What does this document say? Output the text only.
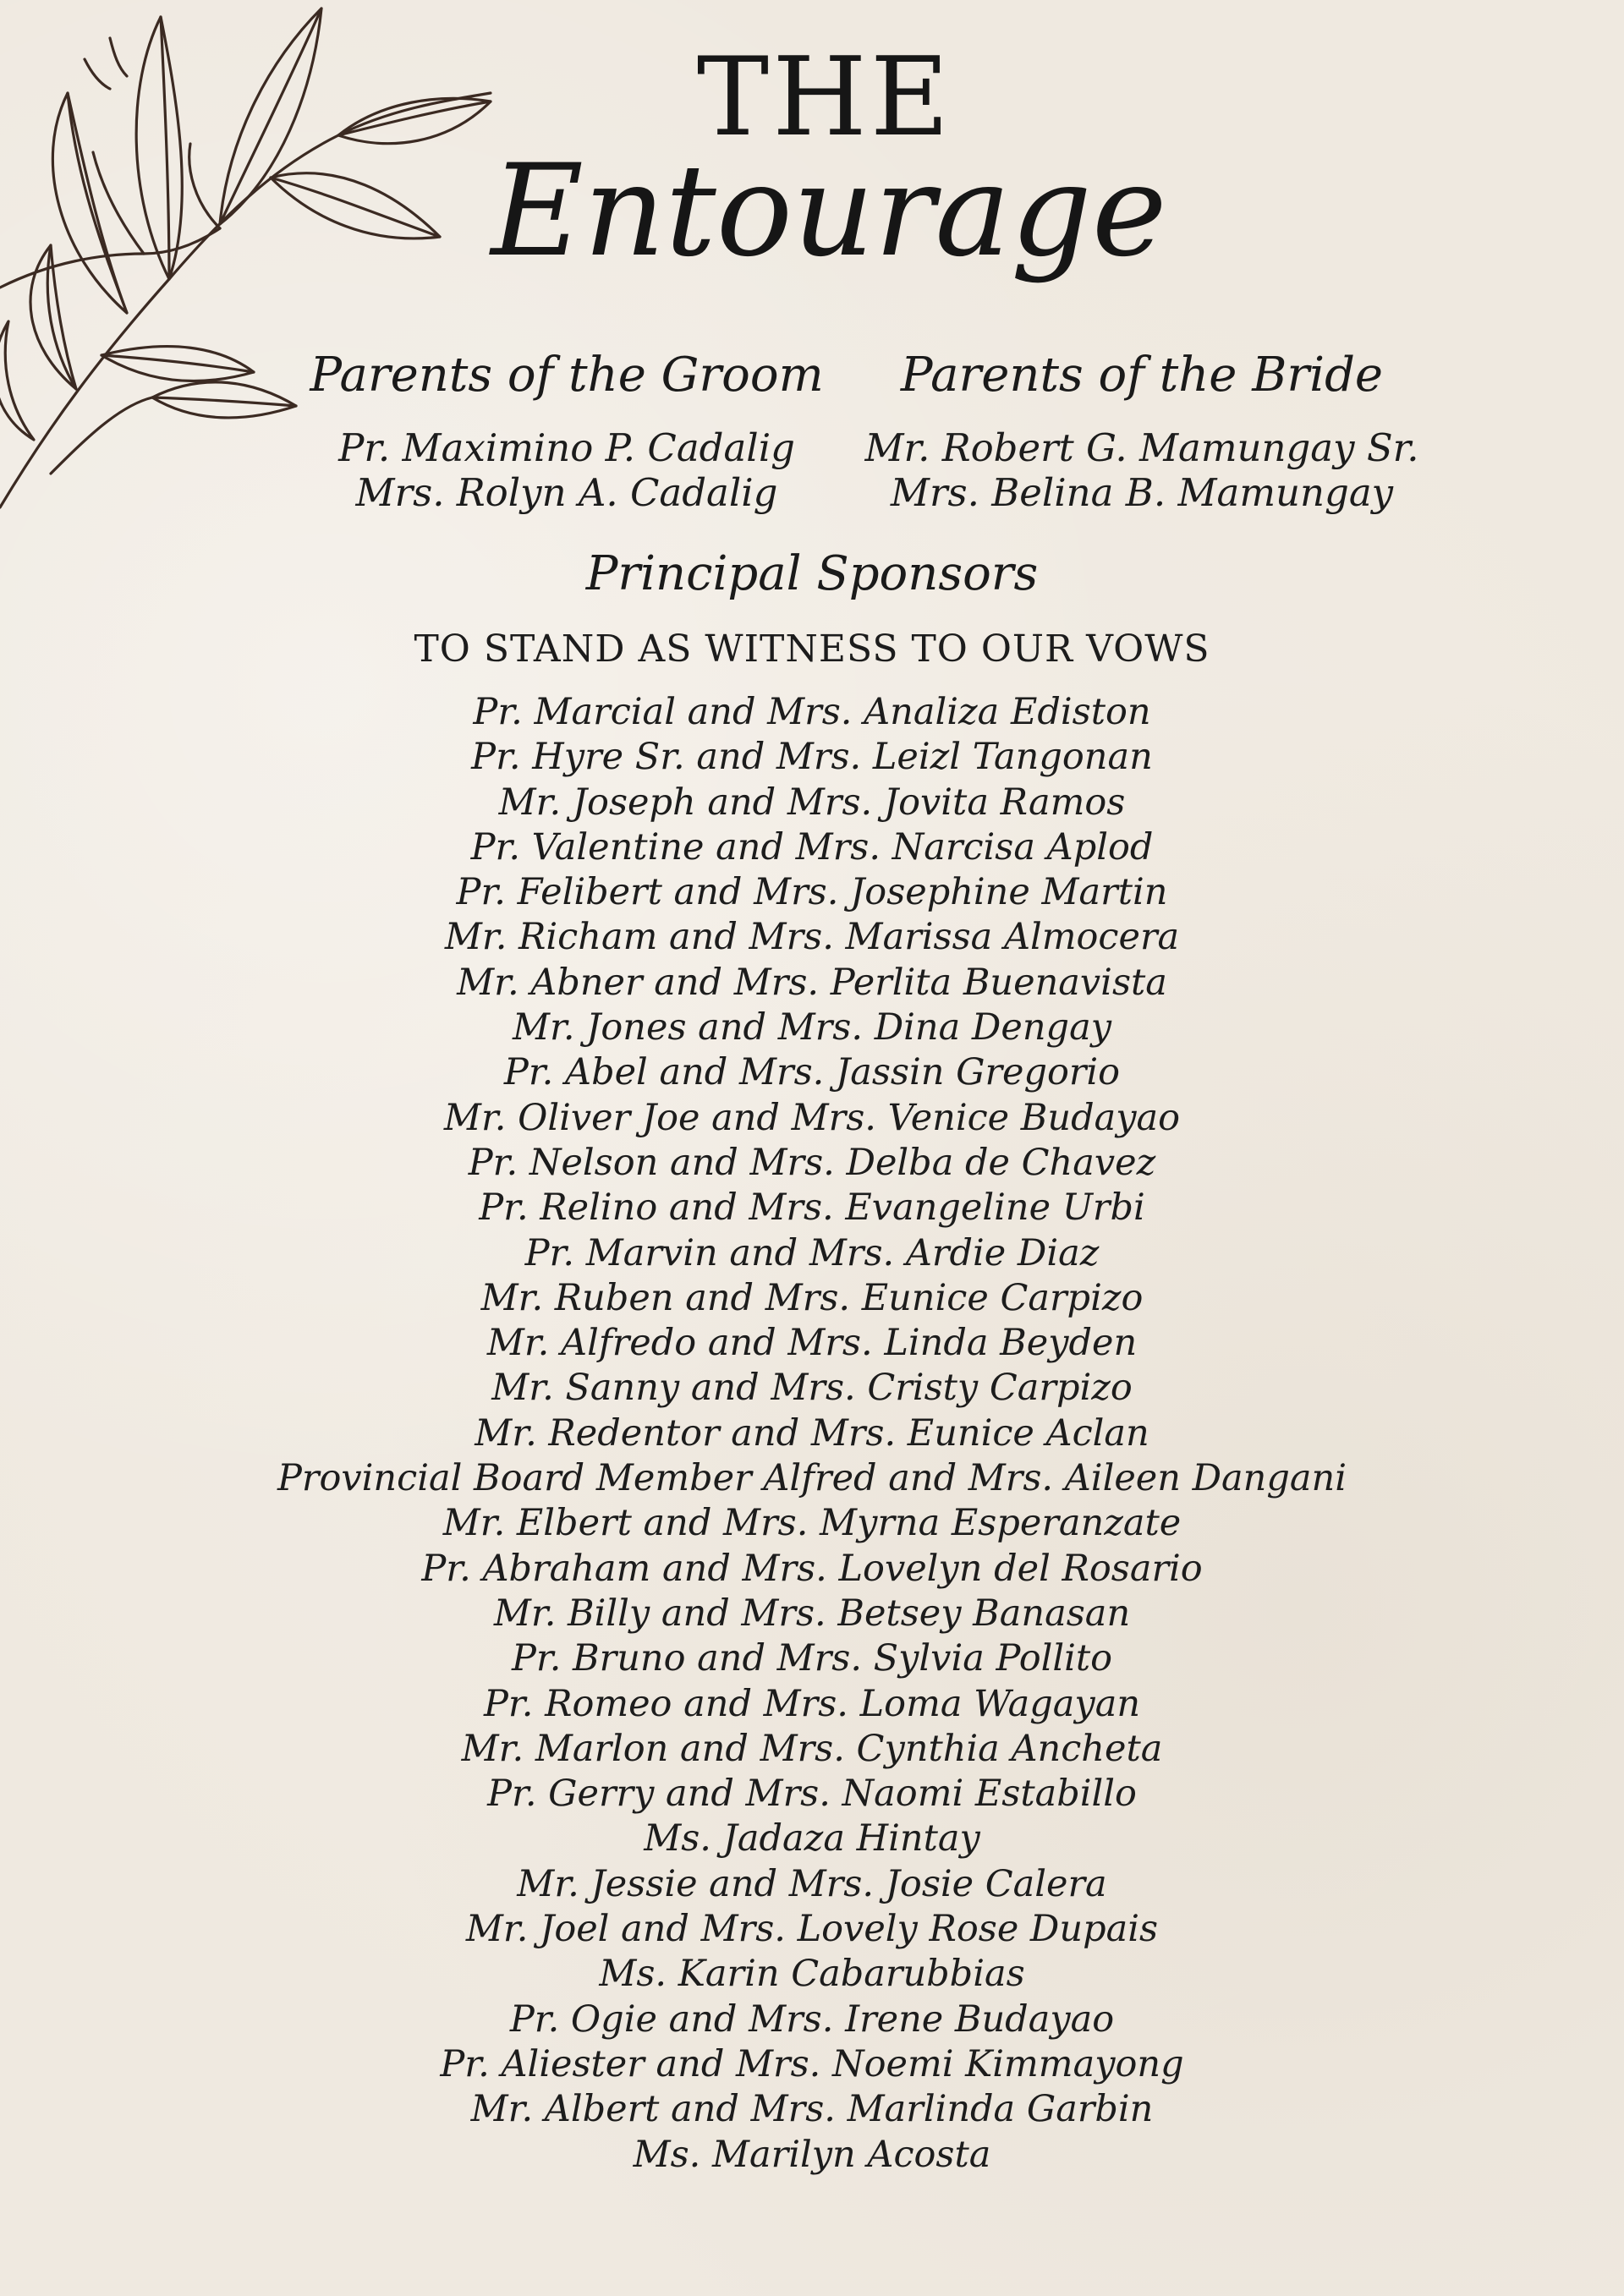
THE
Entourage
Parents of the Groom
Pr. Maximino P. Cadalig
Mrs. Rolyn A. Cadalig
Parents of the Bride
Mr. Robert G. Mamungay Sr.
Mrs. Belina B. Mamungay
Principal Sponsors
TO STAND AS WITNESS TO OUR VOWS
Pr. Marcial and Mrs. Analiza Ediston
Pr. Hyre Sr. and Mrs. Leizl Tangonan
Mr. Joseph and Mrs. Jovita Ramos
Pr. Valentine and Mrs. Narcisa Aplod
Pr. Felibert and Mrs. Josephine Martin
Mr. Richam and Mrs. Marissa Almocera
Mr. Abner and Mrs. Perlita Buenavista
Mr. Jones and Mrs. Dina Dengay
Pr. Abel and Mrs. Jassin Gregorio
Mr. Oliver Joe and Mrs. Venice Budayao
Pr. Nelson and Mrs. Delba de Chavez
Pr. Relino and Mrs. Evangeline Urbi
Pr. Marvin and Mrs. Ardie Diaz
Mr. Ruben and Mrs. Eunice Carpizo
Mr. Alfredo and Mrs. Linda Beyden
Mr. Sanny and Mrs. Cristy Carpizo
Mr. Redentor and Mrs. Eunice Aclan
Provincial Board Member Alfred and Mrs. Aileen Dangani
Mr. Elbert and Mrs. Myrna Esperanzate
Pr. Abraham and Mrs. Lovelyn del Rosario
Mr. Billy and Mrs. Betsey Banasan
Pr. Bruno and Mrs. Sylvia Pollito
Pr. Romeo and Mrs. Loma Wagayan
Mr. Marlon and Mrs. Cynthia Ancheta
Pr. Gerry and Mrs. Naomi Estabillo
Ms. Jadaza Hintay
Mr. Jessie and Mrs. Josie Calera
Mr. Joel and Mrs. Lovely Rose Dupais
Ms. Karin Cabarubbias
Pr. Ogie and Mrs. Irene Budayao
Pr. Aliester and Mrs. Noemi Kimmayong
Mr. Albert and Mrs. Marlinda Garbin
Ms. Marilyn Acosta
